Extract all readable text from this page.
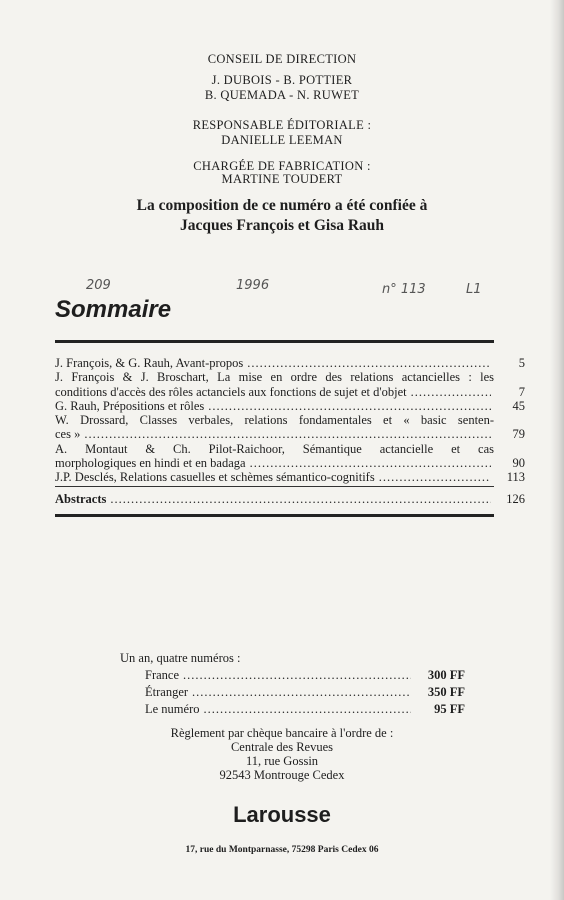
CONSEIL DE DIRECTION
J. DUBOIS - B. POTTIER
B. QUEMADA - N. RUWET
RESPONSABLE ÉDITORIALE :
DANIELLE LEEMAN
CHARGÉE DE FABRICATION :
MARTINE TOUDERT
La composition de ce numéro a été confiée à
Jacques François et Gisa Rauh
209	1996	n° 113	L1
Sommaire
J. François, & G. Rauh, Avant-propos .....	5
J. François & J. Broschart, La mise en ordre des relations actancielles : les
conditions d'accès des rôles actanciels aux fonctions de sujet et d'objet .....	7
G. Rauh, Prépositions et rôles .....	45
W. Drossard, Classes verbales, relations fondamentales et « basic senten-
ces » .....	79
A. Montaut & Ch. Pilot-Raichoor, Sémantique actancielle et cas
morphologiques en hindi et en badaga .....	90
J.P. Desclés, Relations casuelles et schèmes sémantico-cognitifs .....	113
Abstracts .....	126
Un an, quatre numéros :
France .....	300 FF
Étranger .....	350 FF
Le numéro .....	95 FF
Règlement par chèque bancaire à l'ordre de :
Centrale des Revues
11, rue Gossin
92543 Montrouge Cedex
Larousse
17, rue du Montparnasse, 75298 Paris Cedex 06
